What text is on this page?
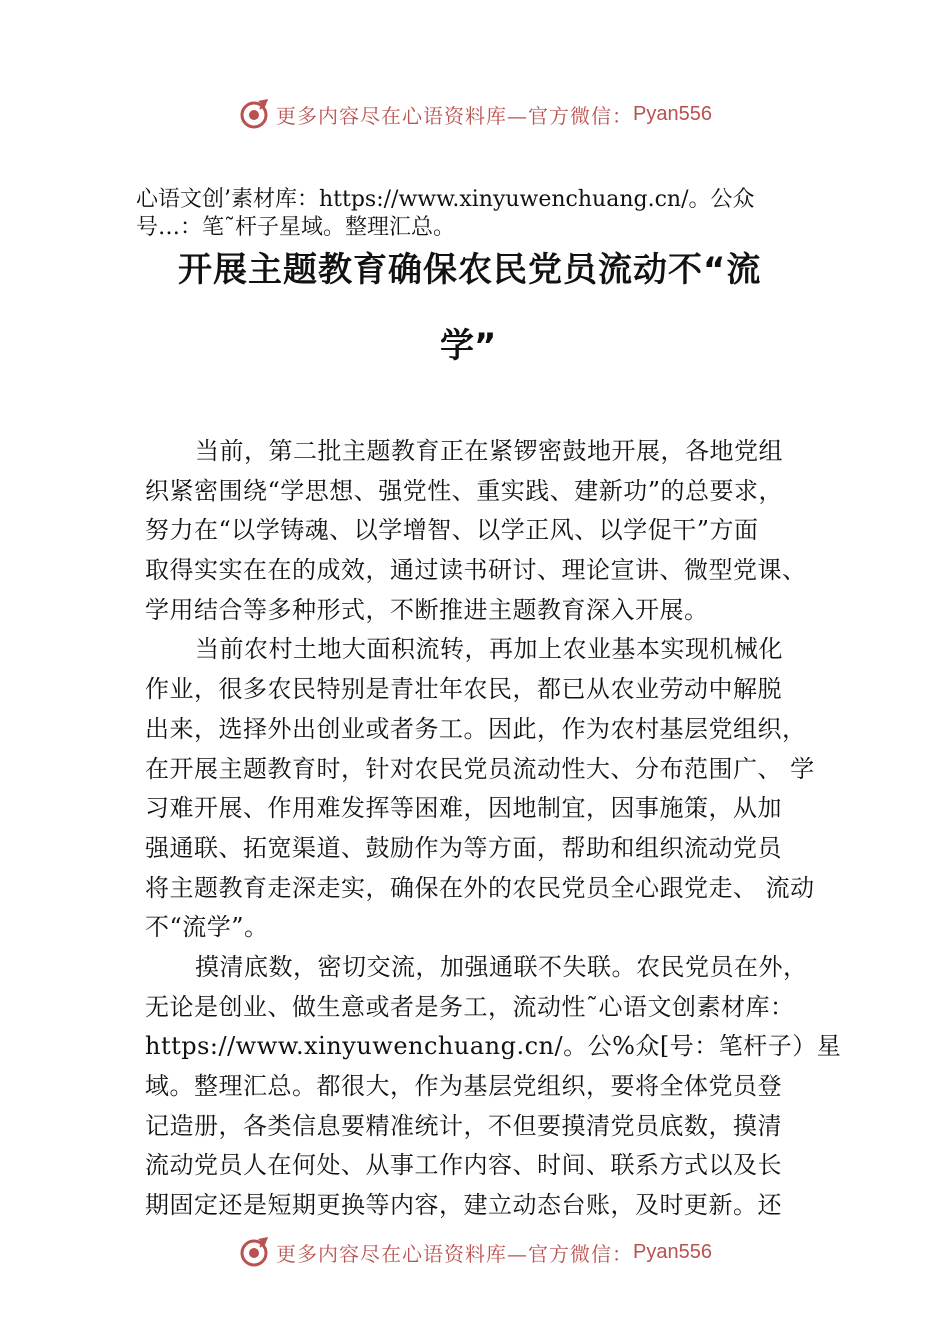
更多内容尽在心语资料库—官方微信： Pyan556
心语文创’素材库：https://www.xinyuwenchuang.cn/。公众
号…：笔˜杆子星域。整理汇总。
开展主题教育确保农民党员流动不“流
学”
当前，第二批主题教育正在紧锣密鼓地开展，各地党组
织紧密围绕“学思想、强党性、重实践、建新功”的总要求，
努力在“以学铸魂、以学增智、以学正风、以学促干”方面
取得实实在在的成效，通过读书研讨、理论宣讲、微型党课、
学用结合等多种形式，不断推进主题教育深入开展。
当前农村土地大面积流转，再加上农业基本实现机械化
作业，很多农民特别是青壮年农民，都已从农业劳动中解脱
出来，选择外出创业或者务工。因此，作为农村基层党组织，
在开展主题教育时，针对农民党员流动性大、分布范围广、 学
习难开展、作用难发挥等困难，因地制宜，因事施策，从加
强通联、拓宽渠道、鼓励作为等方面，帮助和组织流动党员
将主题教育走深走实，确保在外的农民党员全心跟党走、 流动
不“流学”。
摸清底数，密切交流，加强通联不失联。农民党员在外，
无论是创业、做生意或者是务工，流动性˜心语文创素材库：
https://www.xinyuwenchuang.cn/。公%众[号：笔杆子）星
域。整理汇总。都很大，作为基层党组织，要将全体党员登
记造册，各类信息要精准统计，不但要摸清党员底数，摸清
流动党员人在何处、从事工作内容、时间、联系方式以及长
期固定还是短期更换等内容，建立动态台账，及时更新。还
更多内容尽在心语资料库—官方微信： Pyan556
